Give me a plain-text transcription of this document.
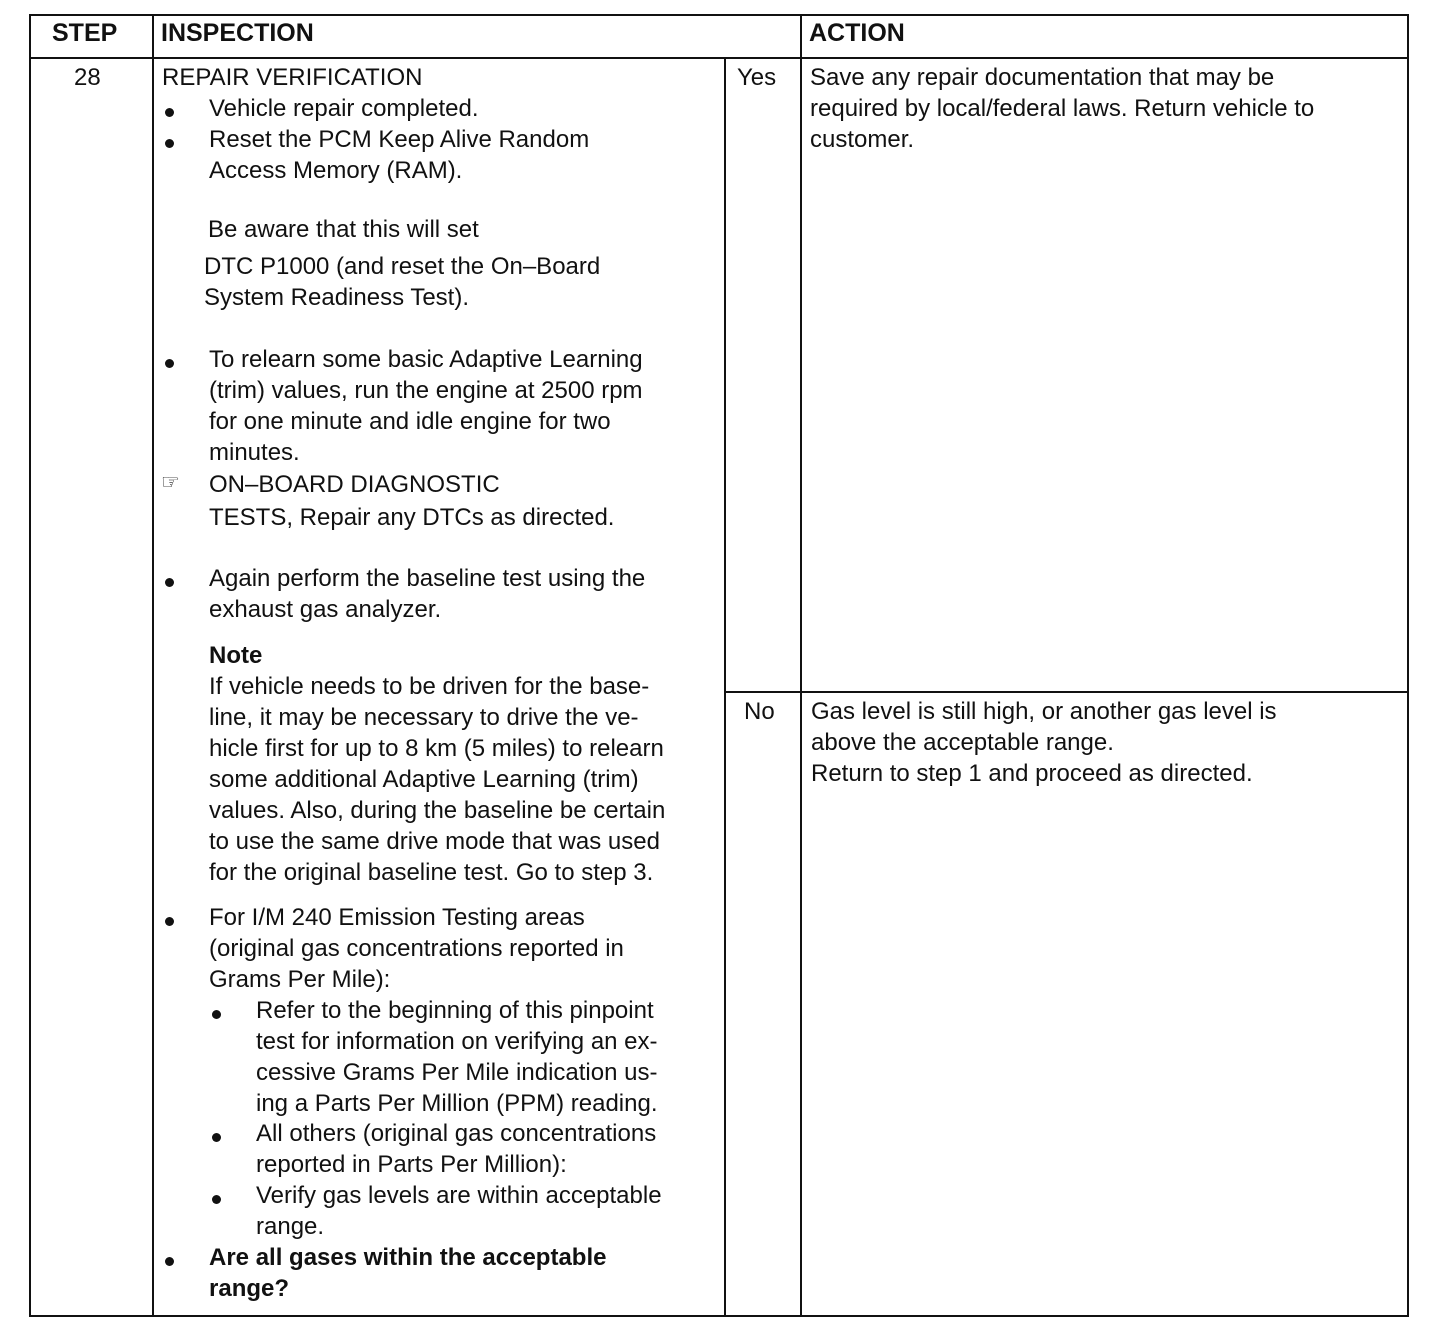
STEP INSPECTION	ACTION
28	REPAIR VERIFICATION
Vehicle repair completed.
Reset the PCM Keep Alive Random
Access Memory (RAM).
Be aware that this will set
DTC P1000 (and reset the On–Board
System Readiness Test).
To relearn some basic Adaptive Learning
(trim) values, run the engine at 2500 rpm
for one minute and idle engine for two
minutes.
☞ ON–BOARD DIAGNOSTIC
TESTS, Repair any DTCs as directed.
Again perform the baseline test using the
exhaust gas analyzer.
Note
If vehicle needs to be driven for the base-
line, it may be necessary to drive the ve-
hicle first for up to 8 km (5 miles) to relearn
some additional Adaptive Learning (trim)
values. Also, during the baseline be certain
to use the same drive mode that was used
for the original baseline test. Go to step 3.
For I/M 240 Emission Testing areas
(original gas concentrations reported in
Grams Per Mile):
Refer to the beginning of this pinpoint
test for information on verifying an ex-
cessive Grams Per Mile indication us-
ing a Parts Per Million (PPM) reading.
All others (original gas concentrations
reported in Parts Per Million):
Verify gas levels are within acceptable
range.
Are all gases within the acceptable
range?
Yes
No
Save any repair documentation that may be
required by local/federal laws. Return vehicle to
customer.
Gas level is still high, or another gas level is
above the acceptable range.
Return to step 1 and proceed as directed.
